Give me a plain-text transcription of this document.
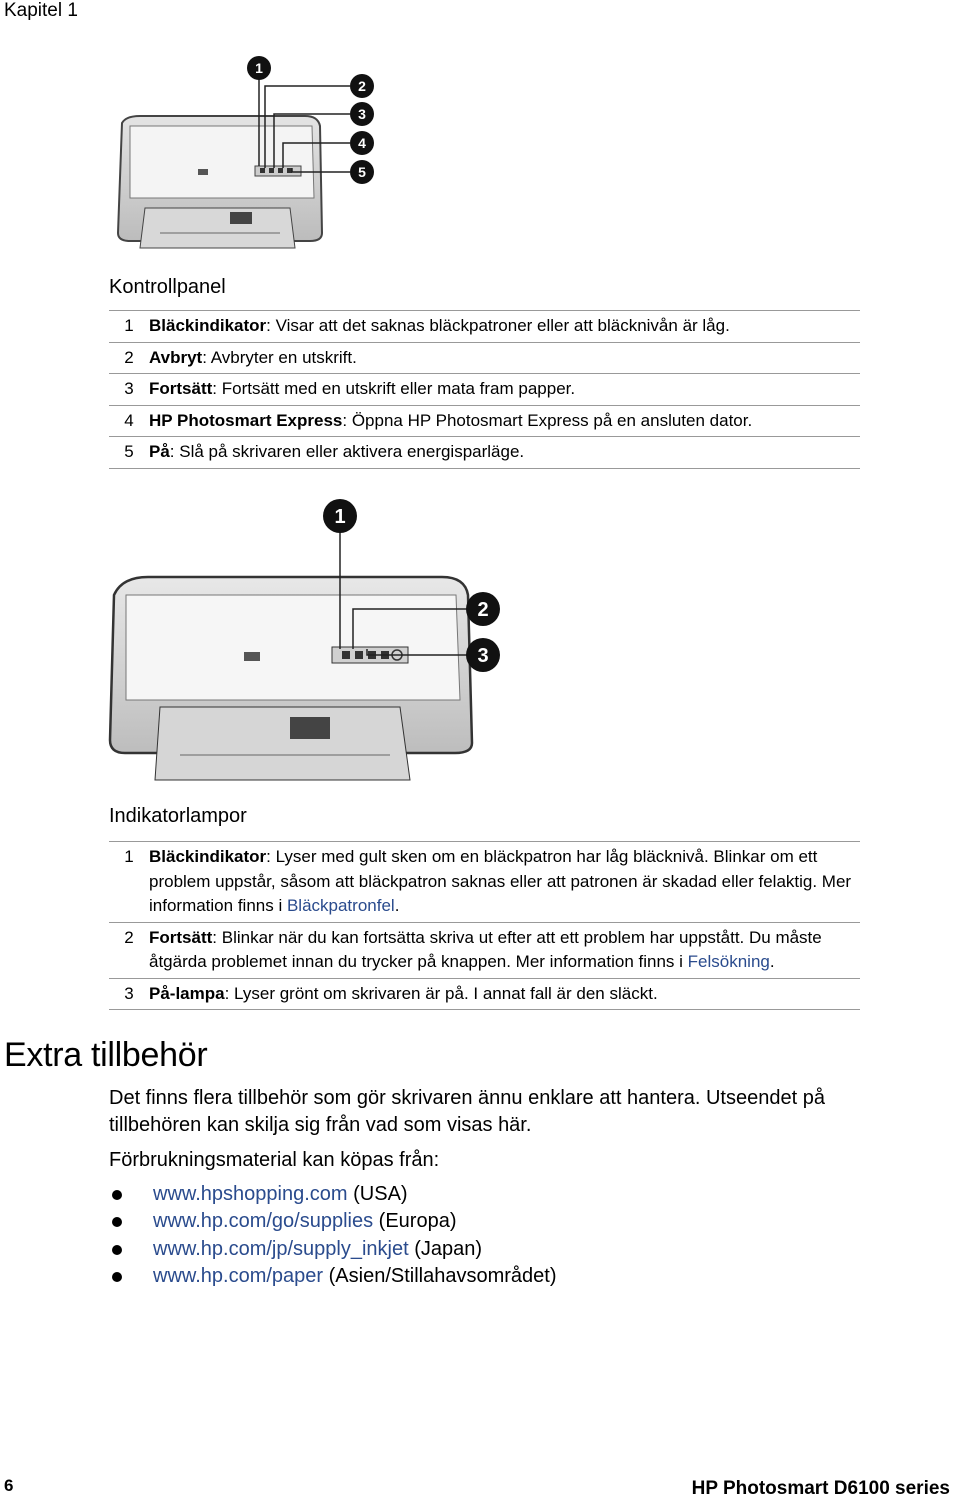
Kapitel 1
1
2
3
4
5
Kontrollpanel
1	Bläckindikator: Visar att det saknas bläckpatroner eller att bläcknivån är låg.
2	Avbryt: Avbryter en utskrift.
3	Fortsätt: Fortsätt med en utskrift eller mata fram papper.
4	HP Photosmart Express: Öppna HP Photosmart Express på en ansluten dator.
5	På: Slå på skrivaren eller aktivera energisparläge.
1
2
3
Indikatorlampor
1	Bläckindikator: Lyser med gult sken om en bläckpatron har låg bläcknivå. Blinkar om ett problem uppstår, såsom att bläckpatron saknas eller att patronen är skadad eller felaktig. Mer information finns i Bläckpatronfel.
2	Fortsätt: Blinkar när du kan fortsätta skriva ut efter att ett problem har uppstått. Du måste åtgärda problemet innan du trycker på knappen. Mer information finns i Felsökning.
3	På-lampa: Lyser grönt om skrivaren är på. I annat fall är den släckt.
Extra tillbehör
Det finns flera tillbehör som gör skrivaren ännu enklare att hantera. Utseendet på tillbehören kan skilja sig från vad som visas här.
Förbrukningsmaterial kan köpas från:
www.hpshopping.com (USA)
www.hp.com/go/supplies (Europa)
www.hp.com/jp/supply_inkjet (Japan)
www.hp.com/paper (Asien/Stillahavsområdet)
6	HP Photosmart D6100 series
